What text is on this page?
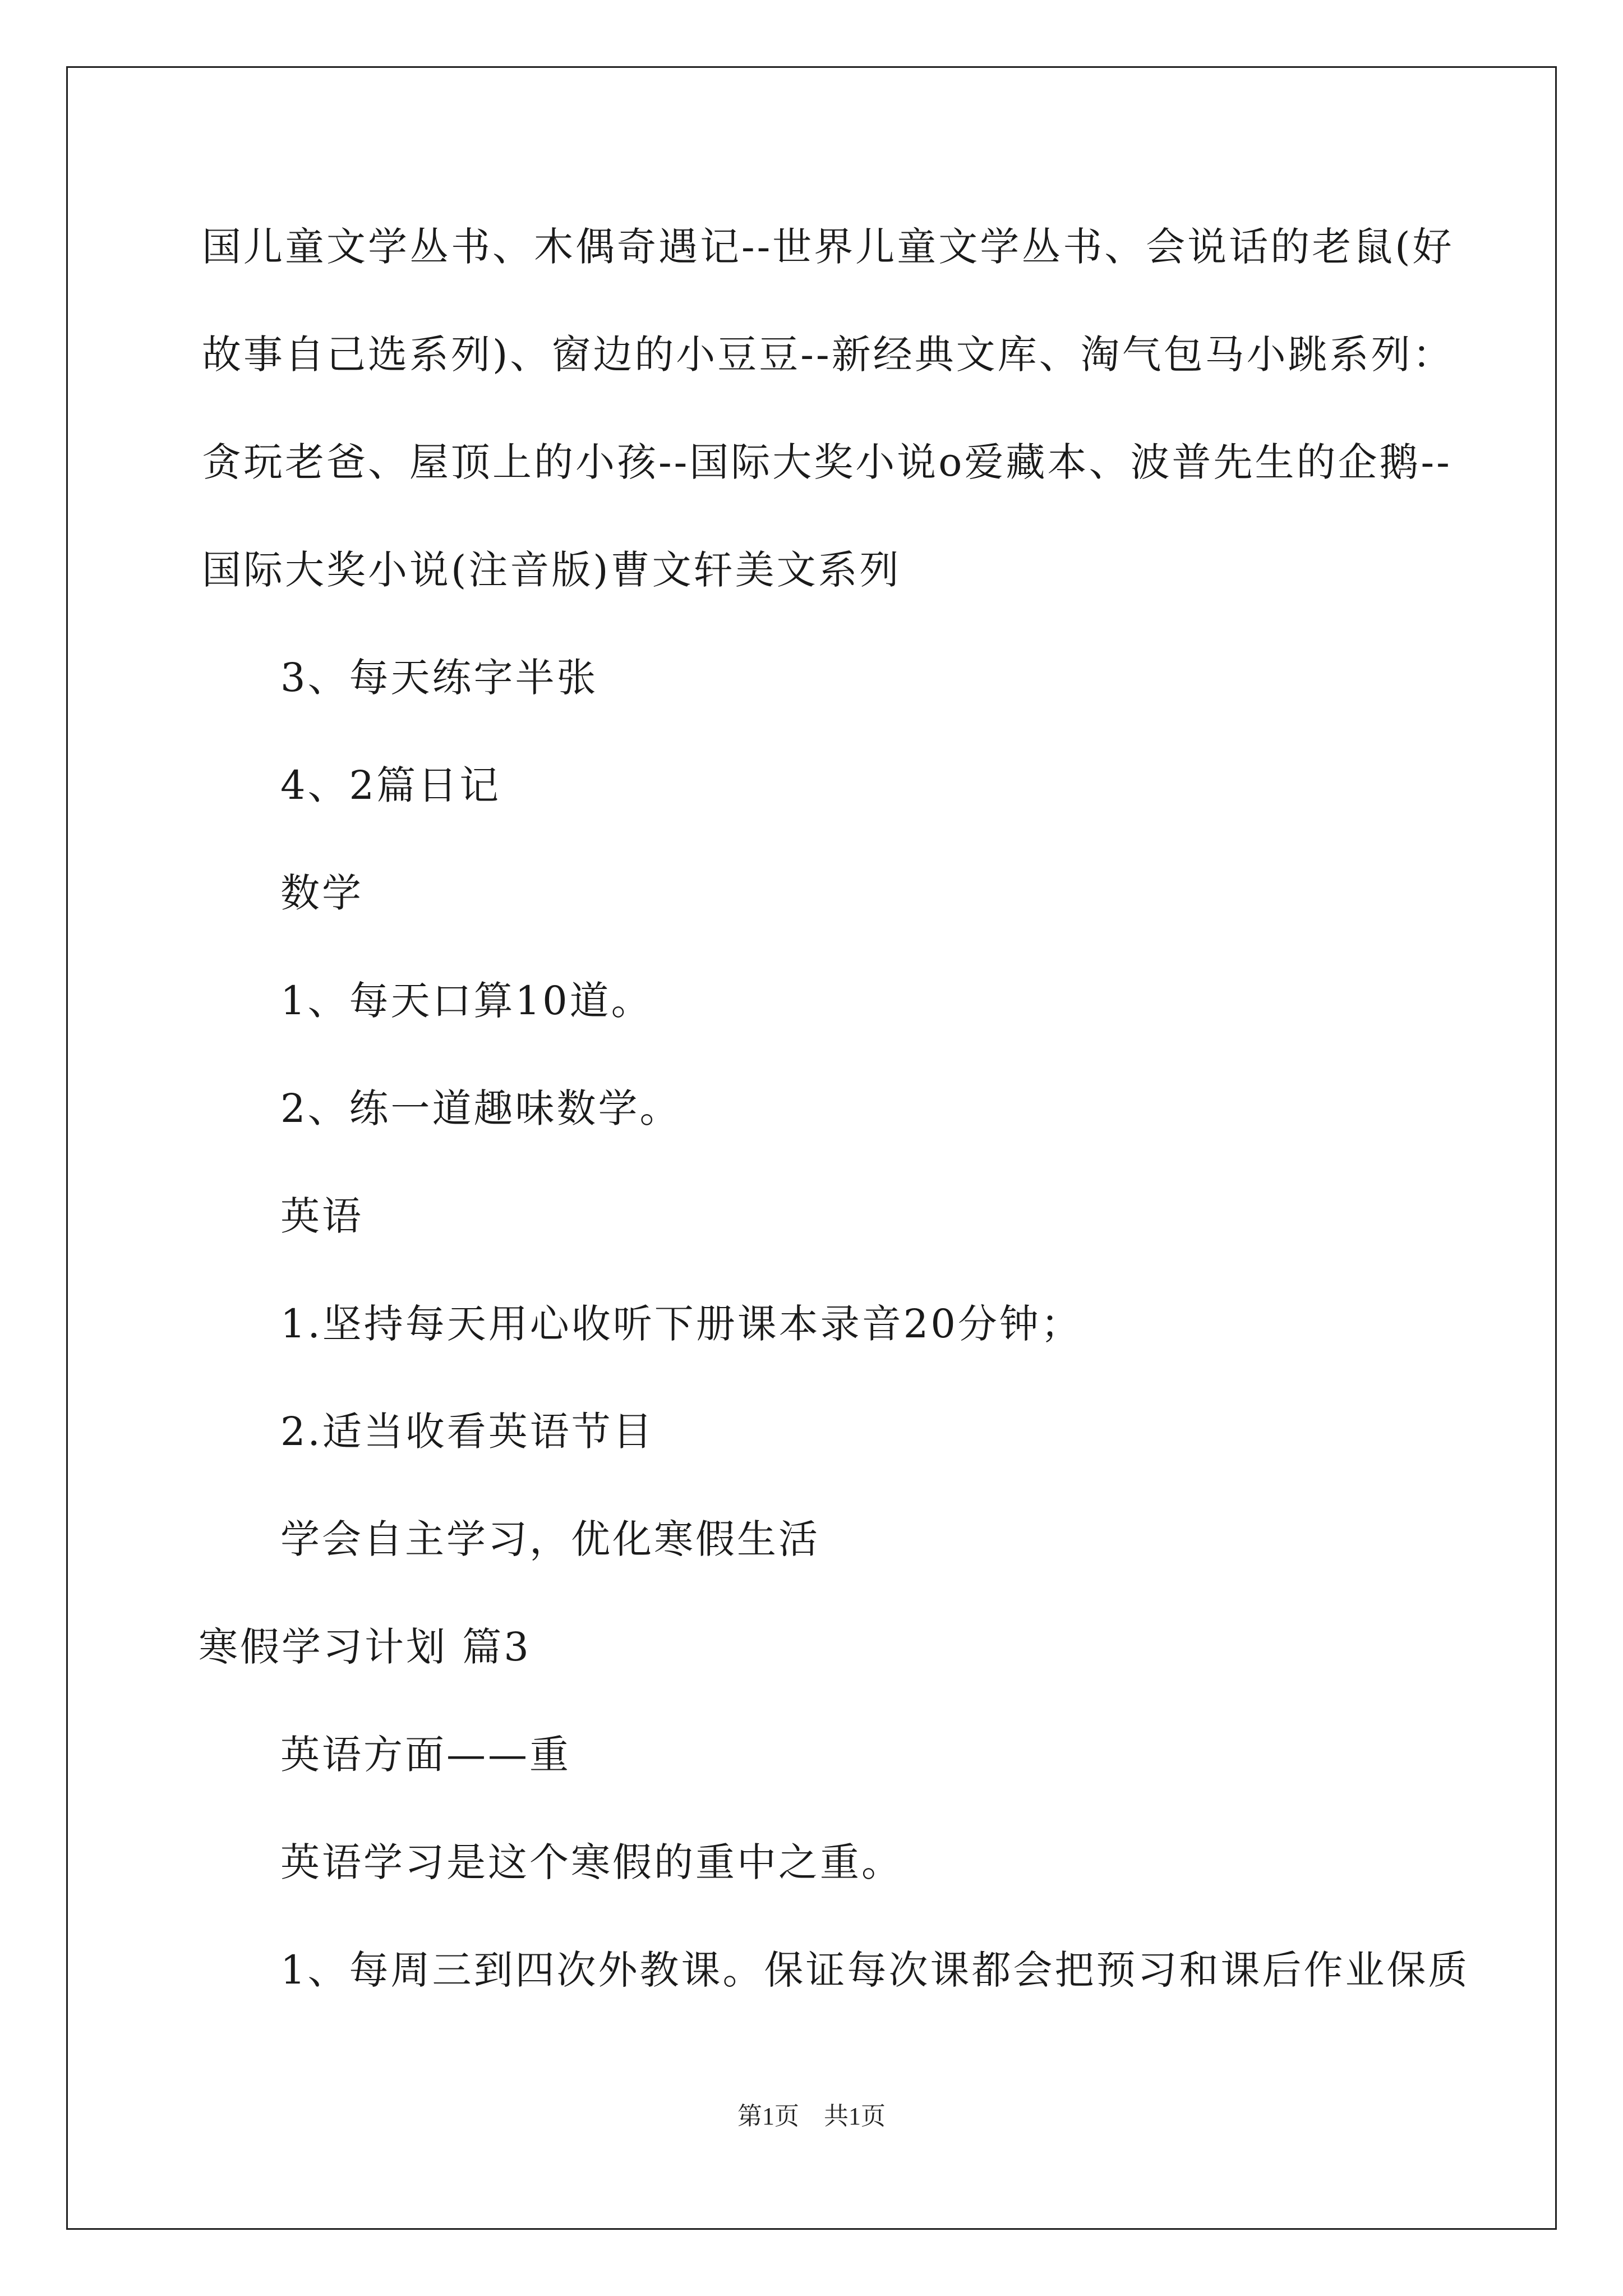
国儿童文学丛书、木偶奇遇记--世界儿童文学丛书、会说话的老鼠(好
故事自己选系列)、窗边的小豆豆--新经典文库、淘气包马小跳系列：
贪玩老爸、屋顶上的小孩--国际大奖小说o爱藏本、波普先生的企鹅--
国际大奖小说(注音版)曹文轩美文系列
3、每天练字半张
4、2篇日记
数学
1、每天口算10道。
2、练一道趣味数学。
英语
1.坚持每天用心收听下册课本录音20分钟；
2.适当收看英语节目
学会自主学习，优化寒假生活
寒假学习计划 篇3
英语方面——重
英语学习是这个寒假的重中之重。
1、每周三到四次外教课。保证每次课都会把预习和课后作业保质
第1页　共1页
